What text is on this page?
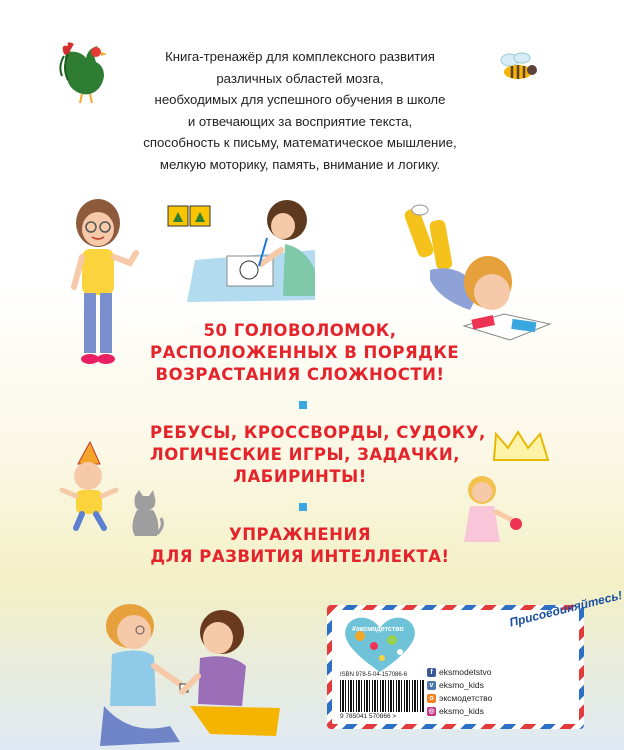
Книга-тренажёр для комплексного развития
различных областей мозга,
необходимых для успешного обучения в школе
и отвечающих за восприятие текста,
способность к письму, математическое мышление,
мелкую моторику, память, внимание и логику.
50 ГОЛОВОЛОМОК,
РАСПОЛОЖЕННЫХ В ПОРЯДКЕ
ВОЗРАСТАНИЯ СЛОЖНОСТИ!
РЕБУСЫ, КРОССВОРДЫ, СУДОКУ,
ЛОГИЧЕСКИЕ ИГРЫ, ЗАДАЧКИ,
ЛАБИРИНТЫ!
УПРАЖНЕНИЯ
ДЛЯ РАЗВИТИЯ ИНТЕЛЛЕКТА!
#эксмодетство	Присоединяйтесь!
f eksmodetstvo
v eksmo_kids
o эксмодетство
◎ eksmo_kids
ISBN 978-5-04-157086-6
9 785041 570866 >
